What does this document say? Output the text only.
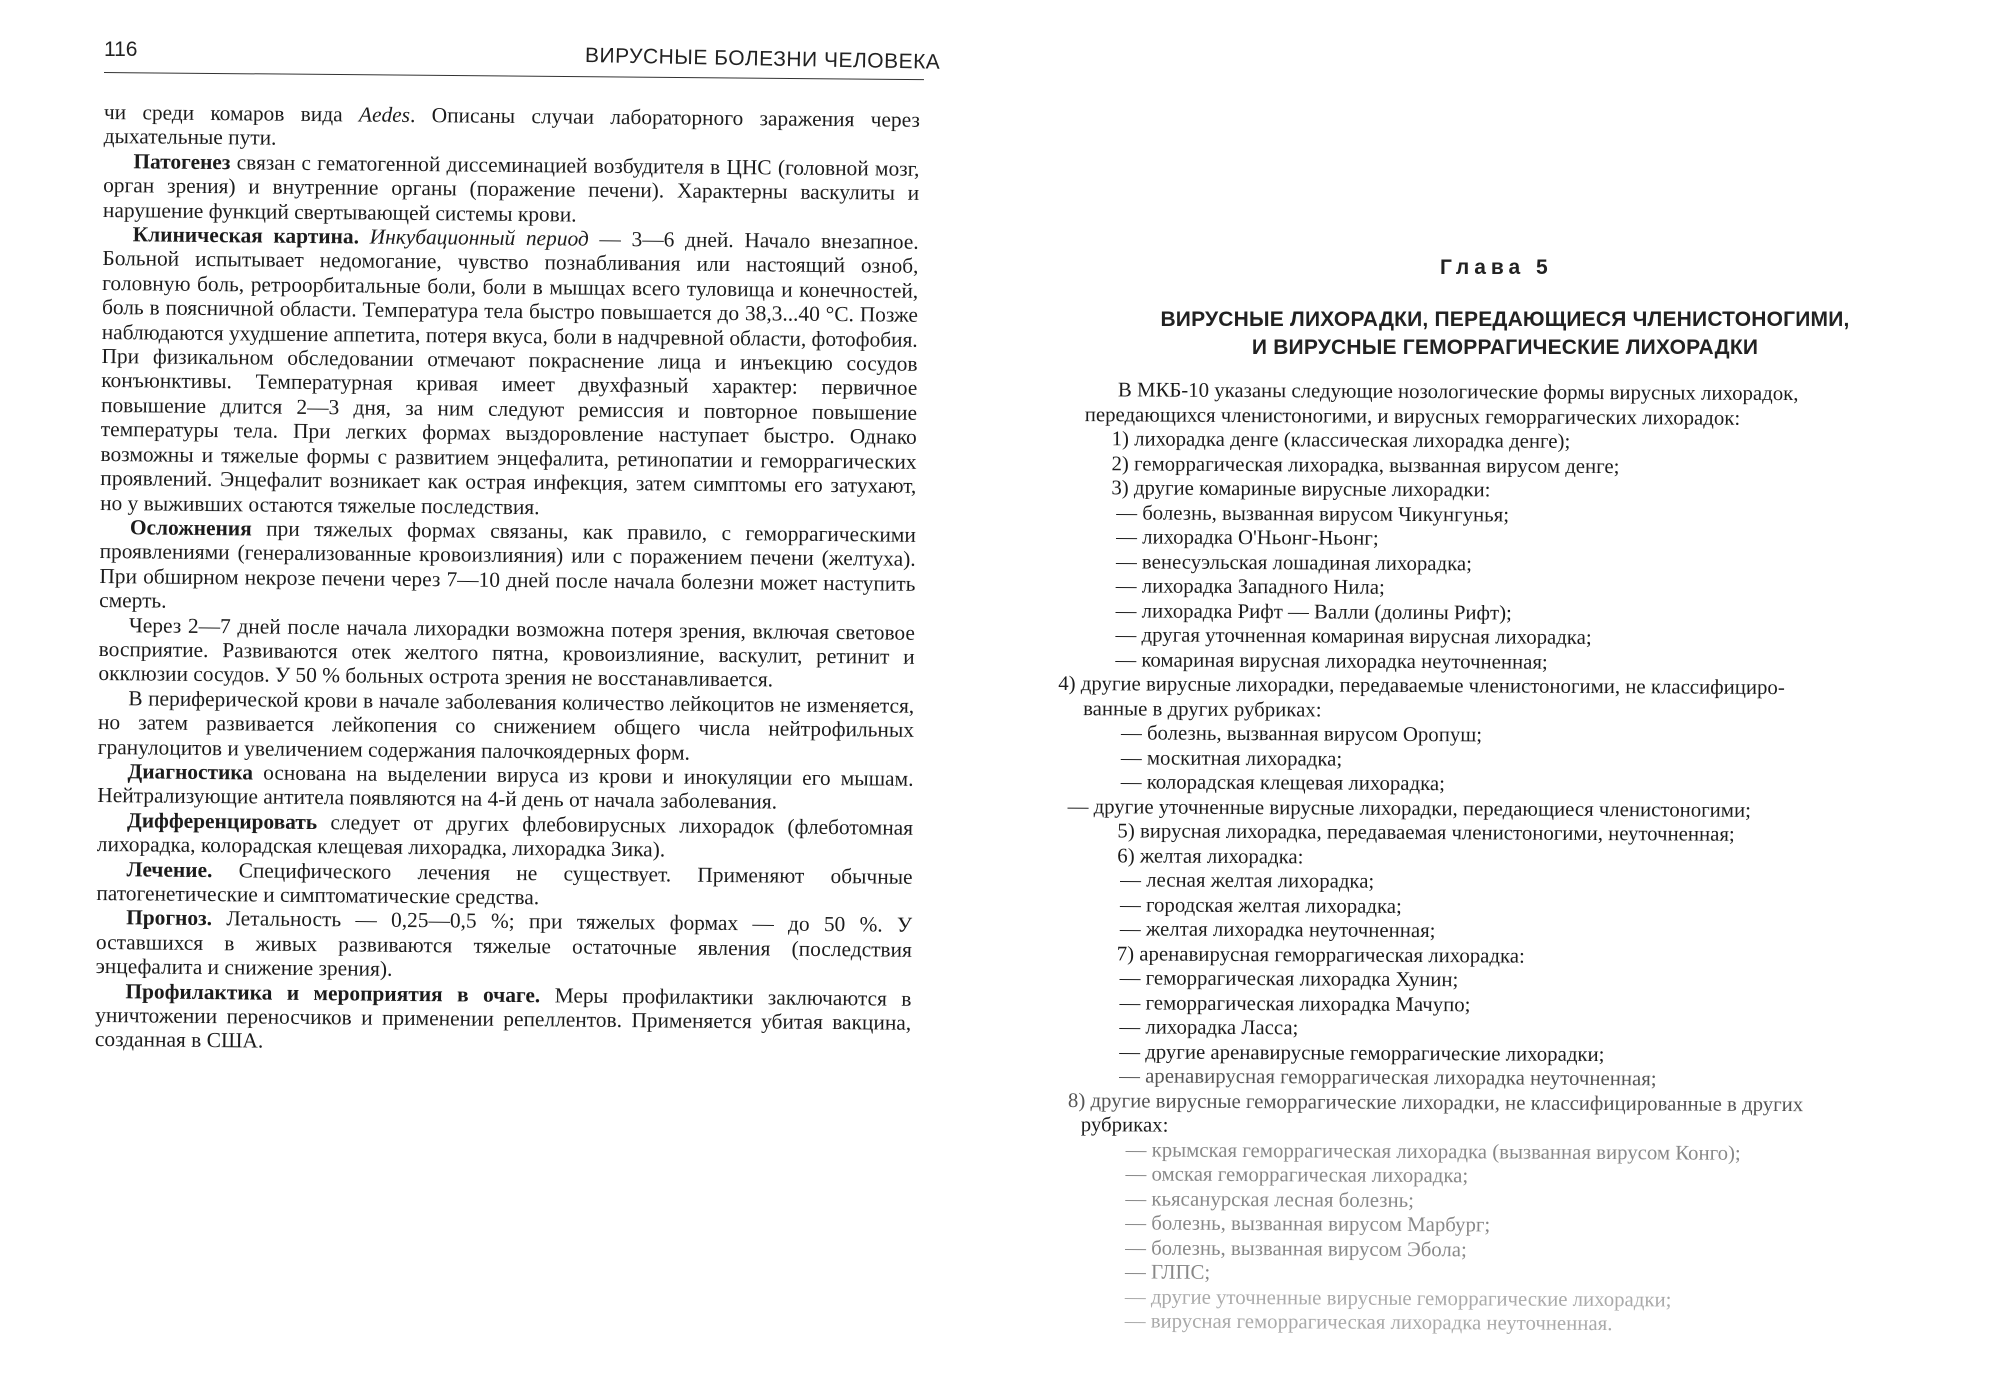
116	ВИРУСНЫЕ БОЛЕЗНИ ЧЕЛОВЕКА

чи среди комаров вида Aedes. Описаны случаи лабораторного заражения через дыхательные пути.

Патогенез связан с гематогенной диссеминацией возбудителя в ЦНС (головной мозг, орган зрения) и внутренние органы (поражение печени). Характерны васкулиты и нарушение функций свертывающей системы крови.

Клиническая картина. Инкубационный период — 3—6 дней. Начало внезапное. Больной испытывает недомогание, чувство познабливания или настоящий озноб, головную боль, ретроорбитальные боли, боли в мышцах всего туловища и конечностей, боль в поясничной области. Температура тела быстро повышается до 38,3...40 °С. Позже наблюдаются ухудшение аппетита, потеря вкуса, боли в надчревной области, фотофобия. При физикальном обследовании отмечают покраснение лица и инъекцию сосудов конъюнктивы. Температурная кривая имеет двухфазный характер: первичное повышение длится 2—3 дня, за ним следуют ремиссия и повторное повышение температуры тела. При легких формах выздоровление наступает быстро. Однако возможны и тяжелые формы с развитием энцефалита, ретинопатии и геморрагических проявлений. Энцефалит возникает как острая инфекция, затем симптомы его затухают, но у выживших остаются тяжелые последствия.

Осложнения при тяжелых формах связаны, как правило, с геморрагическими проявлениями (генерализованные кровоизлияния) или с поражением печени (желтуха). При обширном некрозе печени через 7—10 дней после начала болезни может наступить смерть.

Через 2—7 дней после начала лихорадки возможна потеря зрения, включая световое восприятие. Развиваются отек желтого пятна, кровоизлияние, васкулит, ретинит и окклюзии сосудов. У 50 % больных острота зрения не восстанавливается.

В периферической крови в начале заболевания количество лейкоцитов не изменяется, но затем развивается лейкопения со снижением общего числа нейтрофильных гранулоцитов и увеличением содержания палочкоядерных форм.

Диагностика основана на выделении вируса из крови и инокуляции его мышам. Нейтрализующие антитела появляются на 4-й день от начала заболевания.

Дифференцировать следует от других флебовирусных лихорадок (флеботомная лихорадка, колорадская клещевая лихорадка, лихорадка Зика).

Лечение. Специфического лечения не существует. Применяют обычные патогенетические и симптоматические средства.

Прогноз. Летальность — 0,25—0,5 %; при тяжелых формах — до 50 %. У оставшихся в живых развиваются тяжелые остаточные явления (последствия энцефалита и снижение зрения).

Профилактика и мероприятия в очаге. Меры профилактики заключаются в уничтожении переносчиков и применении репеллентов. Применяется убитая вакцина, созданная в США.

Глава 5
ВИРУСНЫЕ ЛИХОРАДКИ, ПЕРЕДАЮЩИЕСЯ ЧЛЕНИСТОНОГИМИ,
И ВИРУСНЫЕ ГЕМОРРАГИЧЕСКИЕ ЛИХОРАДКИ
В МКБ-10 указаны следующие нозологические формы вирусных лихорадок,
передающихся членистоногими, и вирусных геморрагических лихорадок:
1) лихорадка денге (классическая лихорадка денге);
2) геморрагическая лихорадка, вызванная вирусом денге;
3) другие комариные вирусные лихорадки:
— болезнь, вызванная вирусом Чикунгунья;
— лихорадка О'Ньонг-Ньонг;
— венесуэльская лошадиная лихорадка;
— лихорадка Западного Нила;
— лихорадка Рифт — Валли (долины Рифт);
— другая уточненная комариная вирусная лихорадка;
— комариная вирусная лихорадка неуточненная;
4) другие вирусные лихорадки, передаваемые членистоногими, не классифициро-
ванные в других рубриках:
— болезнь, вызванная вирусом Оропуш;
— москитная лихорадка;
— колорадская клещевая лихорадка;
— другие уточненные вирусные лихорадки, передающиеся членистоногими;
5) вирусная лихорадка, передаваемая членистоногими, неуточненная;
6) желтая лихорадка:
— лесная желтая лихорадка;
— городская желтая лихорадка;
— желтая лихорадка неуточненная;
7) аренавирусная геморрагическая лихорадка:
— геморрагическая лихорадка Хунин;
— геморрагическая лихорадка Мачупо;
— лихорадка Ласса;
— другие аренавирусные геморрагические лихорадки;
— аренавирусная геморрагическая лихорадка неуточненная;
8) другие вирусные геморрагические лихорадки, не классифицированные в других
рубриках:
— крымская геморрагическая лихорадка (вызванная вирусом Конго);
— омская геморрагическая лихорадка;
— кьясанурская лесная болезнь;
— болезнь, вызванная вирусом Марбург;
— болезнь, вызванная вирусом Эбола;
— ГЛПС;
— другие уточненные вирусные геморрагические лихорадки;
— вирусная геморрагическая лихорадка неуточненная.
